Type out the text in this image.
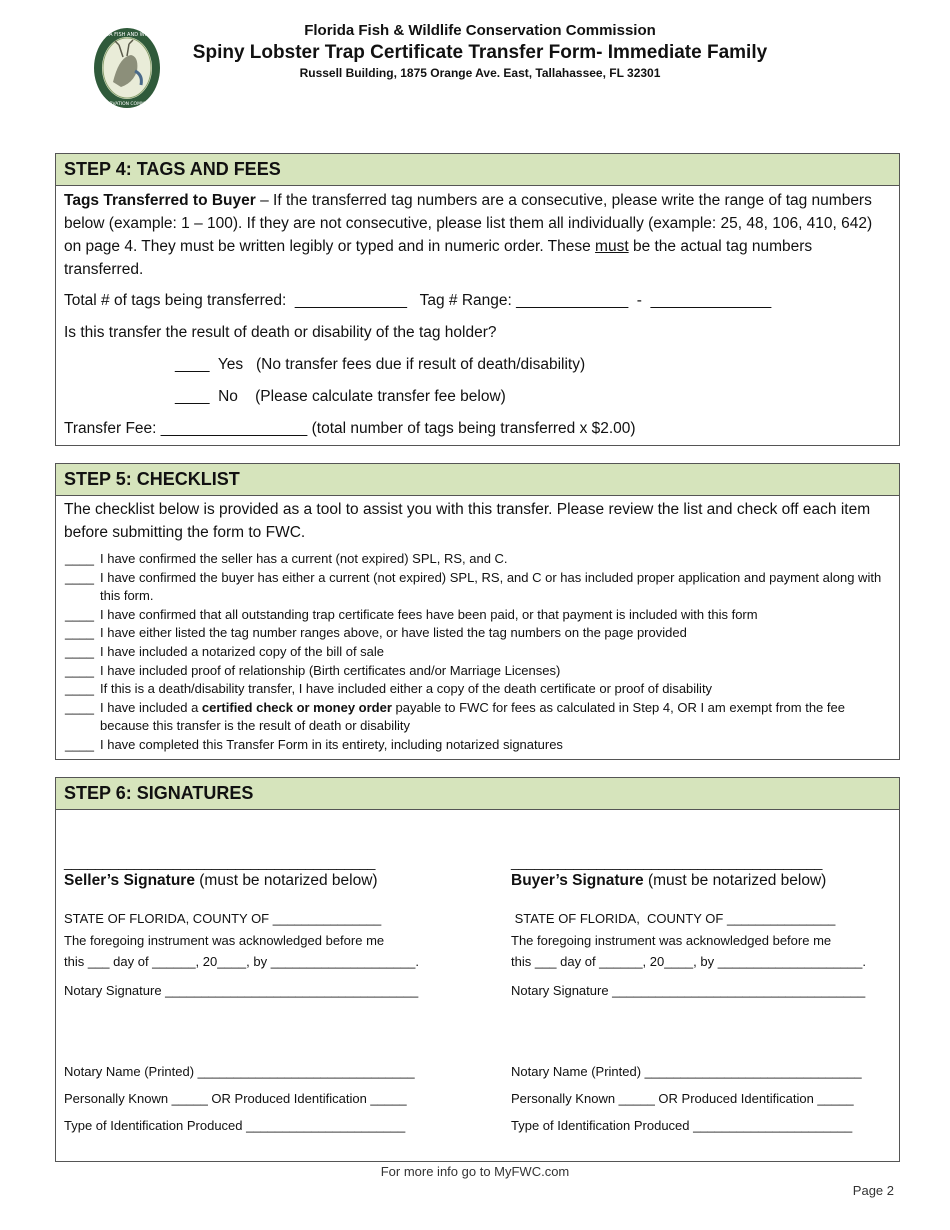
FLORIDA FISH AND WILDLIFE
CONSERVATION COMMISSION
Florida Fish & Wildlife Conservation Commission
Spiny Lobster Trap Certificate Transfer Form- Immediate Family
Russell Building, 1875 Orange Ave. East, Tallahassee, FL 32301
STEP 4: TAGS AND FEES
Tags Transferred to Buyer – If the transferred tag numbers are a consecutive, please write the range of tag numbers below (example: 1 – 100). If they are not consecutive, please list them all individually (example: 25, 48, 106, 410, 642) on page 4. They must be written legibly or typed and in numeric order. These must be the actual tag numbers transferred.
Total # of tags being transferred:  _____________   Tag # Range: _____________  -  ______________
Is this transfer the result of death or disability of the tag holder?
____  Yes   (No transfer fees due if result of death/disability)
____  No    (Please calculate transfer fee below)
Transfer Fee: _________________ (total number of tags being transferred x $2.00)
STEP 5: CHECKLIST
The checklist below is provided as a tool to assist you with this transfer. Please review the list and check off each item before submitting the form to FWC.
____ I have confirmed the seller has a current (not expired) SPL, RS, and C.
____ I have confirmed the buyer has either a current (not expired) SPL, RS, and C or has included proper application and payment along with this form.
____ I have confirmed that all outstanding trap certificate fees have been paid, or that payment is included with this form
____ I have either listed the tag number ranges above, or have listed the tag numbers on the page provided
____ I have included a notarized copy of the bill of sale
____ I have included proof of relationship (Birth certificates and/or Marriage Licenses)
____ If this is a death/disability transfer, I have included either a copy of the death certificate or proof of disability
____ I have included a certified check or money order payable to FWC for fees as calculated in Step 4, OR I am exempt from the fee because this transfer is the result of death or disability
____ I have completed this Transfer Form in its entirety, including notarized signatures
STEP 6: SIGNATURES
________________________________________
Seller’s Signature (must be notarized below)
STATE OF FLORIDA, COUNTY OF _______________
The foregoing instrument was acknowledged before me
this ___ day of ______, 20____, by ____________________.
Notary Signature ___________________________________
Notary Name (Printed) ______________________________
Personally Known _____ OR Produced Identification _____
Type of Identification Produced ______________________
________________________________________
Buyer’s Signature (must be notarized below)
STATE OF FLORIDA,  COUNTY OF _______________
The foregoing instrument was acknowledged before me
this ___ day of ______, 20____, by ____________________.
Notary Signature ___________________________________
Notary Name (Printed) ______________________________
Personally Known _____ OR Produced Identification _____
Type of Identification Produced ______________________
For more info go to MyFWC.com
Page 2
